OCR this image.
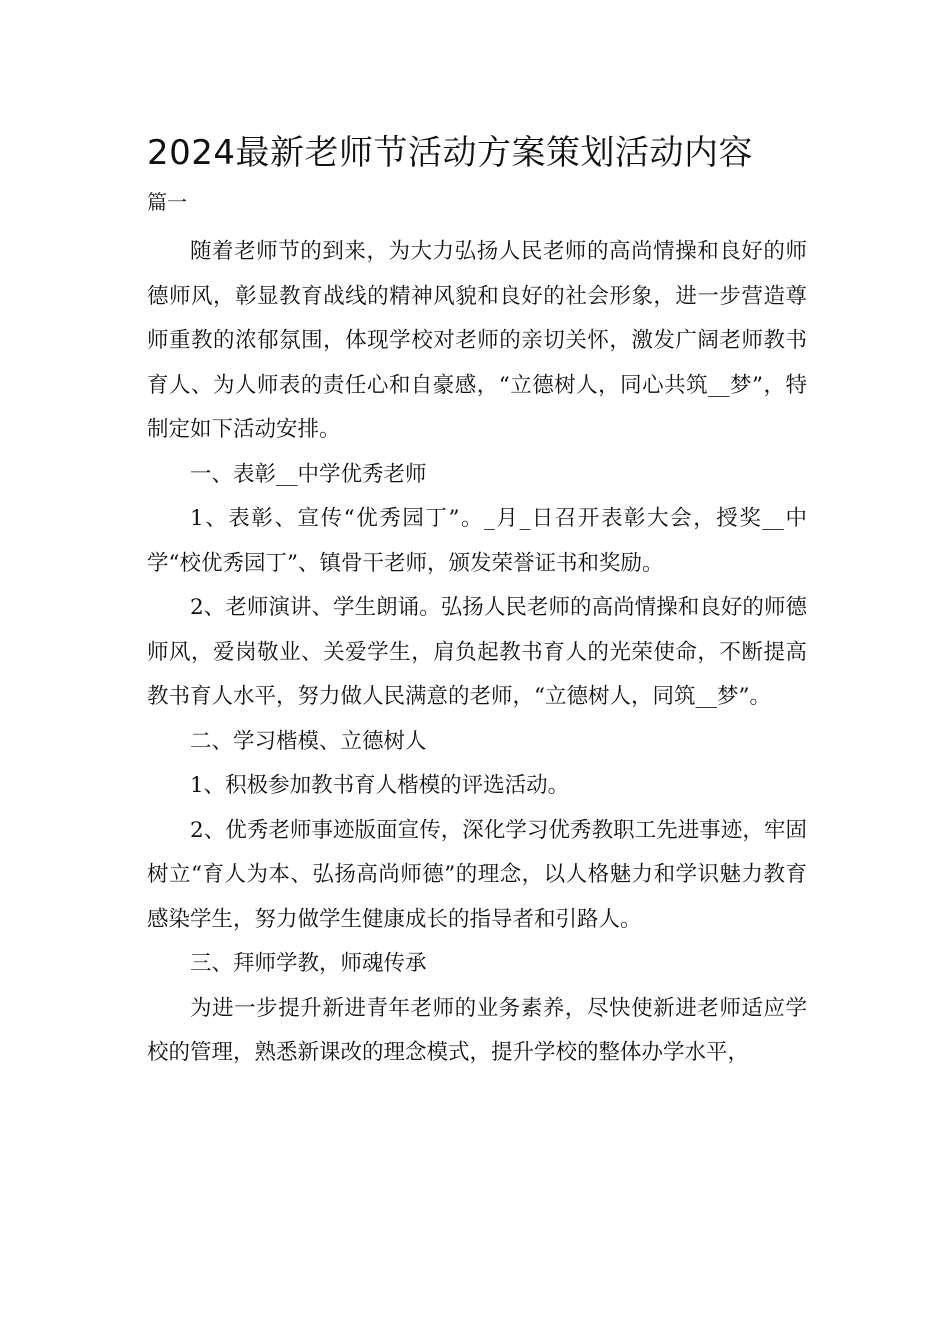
2024最新老师节活动方案策划活动内容
篇一

随着老师节的到来，为大力弘扬人民老师的高尚情操和良好的师德师风，彰显教育战线的精神风貌和良好的社会形象，进一步营造尊师重教的浓郁氛围，体现学校对老师的亲切关怀，激发广阔老师教书育人、为人师表的责任心和自豪感，“立德树人，同心共筑__梦”，特制定如下活动安排。

一、表彰__中学优秀老师

1、表彰、宣传“优秀园丁”。_月_日召开表彰大会，授奖__中学“校优秀园丁”、镇骨干老师，颁发荣誉证书和奖励。

2、老师演讲、学生朗诵。弘扬人民老师的高尚情操和良好的师德师风，爱岗敬业、关爱学生，肩负起教书育人的光荣使命，不断提高教书育人水平，努力做人民满意的老师，“立德树人，同筑__梦”。

二、学习楷模、立德树人

1、积极参加教书育人楷模的评选活动。

2、优秀老师事迹版面宣传，深化学习优秀教职工先进事迹，牢固树立“育人为本、弘扬高尚师德”的理念，以人格魅力和学识魅力教育感染学生，努力做学生健康成长的指导者和引路人。

三、拜师学教，师魂传承

为进一步提升新进青年老师的业务素养，尽快使新进老师适应学校的管理，熟悉新课改的理念模式，提升学校的整体办学水平，
